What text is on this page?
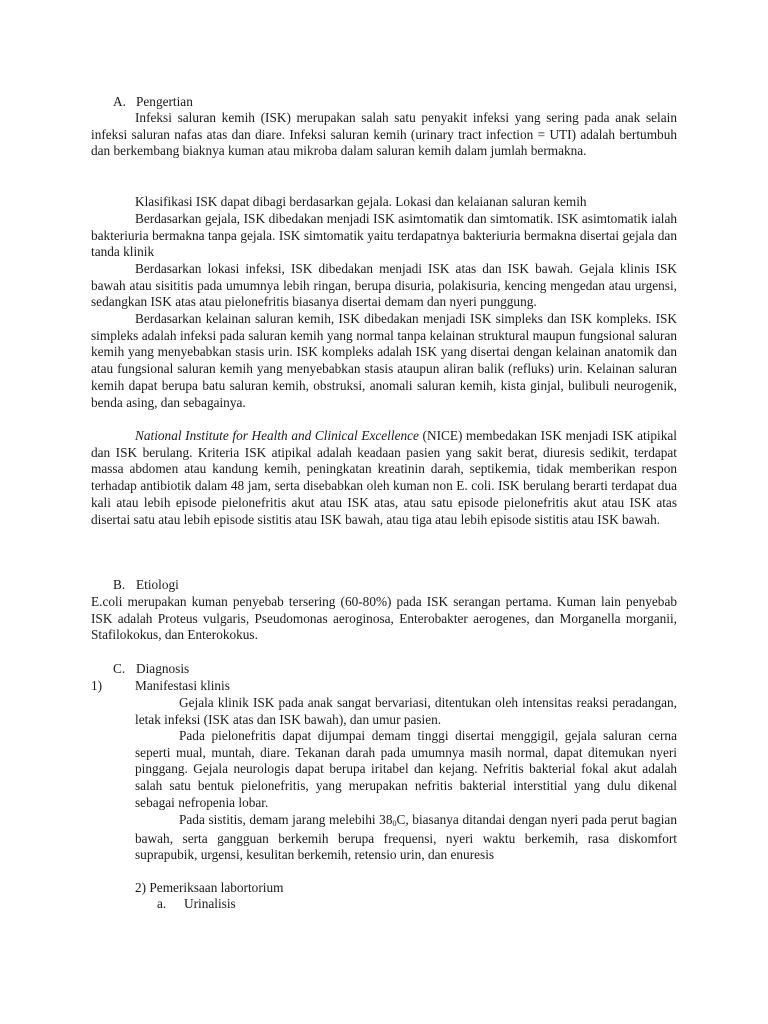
A. Pengertian

Infeksi saluran kemih (ISK) merupakan salah satu penyakit infeksi yang sering pada anak selain infeksi saluran nafas atas dan diare. Infeksi saluran kemih (urinary tract infection = UTI) adalah bertumbuh dan berkembang biaknya kuman atau mikroba dalam saluran kemih dalam jumlah bermakna.

Klasifikasi ISK dapat dibagi berdasarkan gejala. Lokasi dan kelaianan saluran kemih

Berdasarkan gejala, ISK dibedakan menjadi ISK asimtomatik dan simtomatik. ISK asimtomatik ialah bakteriuria bermakna tanpa gejala. ISK simtomatik yaitu terdapatnya bakteriuria bermakna disertai gejala dan tanda klinik

Berdasarkan lokasi infeksi, ISK dibedakan menjadi ISK atas dan ISK bawah. Gejala klinis ISK bawah atau sisititis pada umumnya lebih ringan, berupa disuria, polakisuria, kencing mengedan atau urgensi, sedangkan ISK atas atau pielonefritis biasanya disertai demam dan nyeri punggung.

Berdasarkan kelainan saluran kemih, ISK dibedakan menjadi ISK simpleks dan ISK kompleks. ISK simpleks adalah infeksi pada saluran kemih yang normal tanpa kelainan struktural maupun fungsional saluran kemih yang menyebabkan stasis urin. ISK kompleks adalah ISK yang disertai dengan kelainan anatomik dan atau fungsional saluran kemih yang menyebabkan stasis ataupun aliran balik (refluks) urin. Kelainan saluran kemih dapat berupa batu saluran kemih, obstruksi, anomali saluran kemih, kista ginjal, bulibuli neurogenik, benda asing, dan sebagainya.

National Institute for Health and Clinical Excellence (NICE) membedakan ISK menjadi ISK atipikal dan ISK berulang. Kriteria ISK atipikal adalah keadaan pasien yang sakit berat, diuresis sedikit, terdapat massa abdomen atau kandung kemih, peningkatan kreatinin darah, septikemia, tidak memberikan respon terhadap antibiotik dalam 48 jam, serta disebabkan oleh kuman non E. coli. ISK berulang berarti terdapat dua kali atau lebih episode pielonefritis akut atau ISK atas, atau satu episode pielonefritis akut atau ISK atas disertai satu atau lebih episode sistitis atau ISK bawah, atau tiga atau lebih episode sistitis atau ISK bawah.

B. Etiologi

E.coli merupakan kuman penyebab tersering (60-80%) pada ISK serangan pertama. Kuman lain penyebab ISK adalah Proteus vulgaris, Pseudomonas aeroginosa, Enterobakter aerogenes, dan Morganella morganii, Stafilokokus, dan Enterokokus.

C. Diagnosis

1) Manifestasi klinis

Gejala klinik ISK pada anak sangat bervariasi, ditentukan oleh intensitas reaksi peradangan, letak infeksi (ISK atas dan ISK bawah), dan umur pasien.

Pada pielonefritis dapat dijumpai demam tinggi disertai menggigil, gejala saluran cerna seperti mual, muntah, diare. Tekanan darah pada umumnya masih normal, dapat ditemukan nyeri pinggang. Gejala neurologis dapat berupa iritabel dan kejang. Nefritis bakterial fokal akut adalah salah satu bentuk pielonefritis, yang merupakan nefritis bakterial interstitial yang dulu dikenal sebagai nefropenia lobar.

Pada sistitis, demam jarang melebihi $38_0C$, biasanya ditandai dengan nyeri pada perut bagian bawah, serta gangguan berkemih berupa frequensi, nyeri waktu berkemih, rasa diskomfort suprapubik, urgensi, kesulitan berkemih, retensio urin, dan enuresis

2) Pemeriksaan labortorium

a. Urinalisis
